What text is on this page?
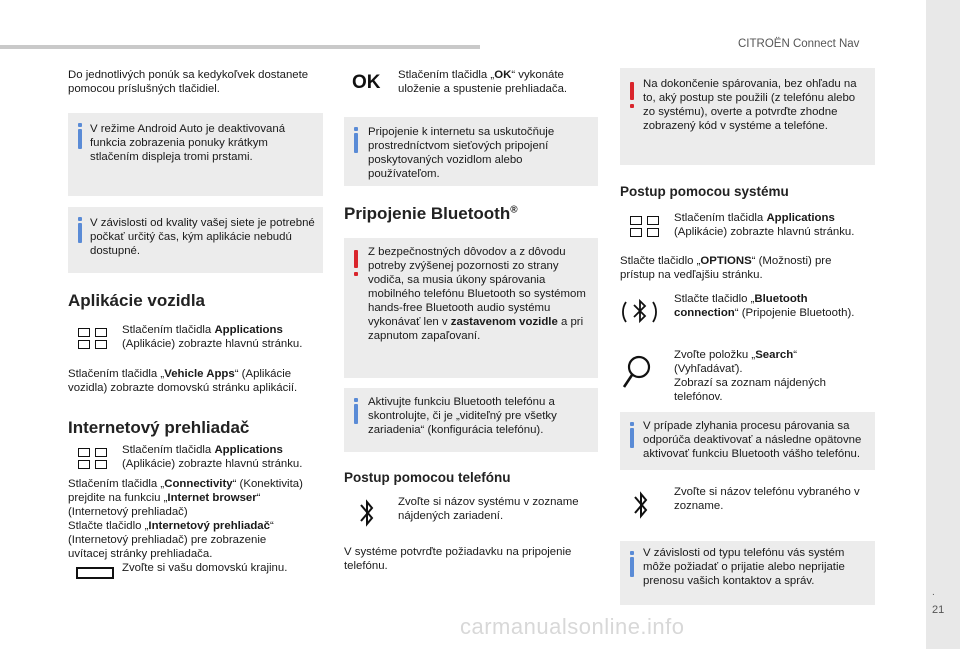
CITROËN Connect Nav
.
21
carmanualsonline.info
Do jednotlivých ponúk sa kedykoľvek dostanete pomocou príslušných tlačidiel.
V režime Android Auto je deaktivovaná funkcia zobrazenia ponuky krátkym stlačením displeja tromi prstami.
V závislosti od kvality vašej siete je potrebné počkať určitý čas, kým aplikácie nebudú dostupné.
Aplikácie vozidla
Stlačením tlačidla Applications
(Aplikácie) zobrazte hlavnú stránku.
Stlačením tlačidla „Vehicle Apps“ (Aplikácie
vozidla) zobrazte domovskú stránku aplikácií.
Internetový prehliadač
Stlačením tlačidla Applications
(Aplikácie) zobrazte hlavnú stránku.
Stlačením tlačidla „Connectivity“ (Konektivita)
prejdite na funkciu „Internet browser“
(Internetový prehliadač)
Stlačte tlačidlo „Internetový prehliadač“
(Internetový prehliadač) pre zobrazenie
uvítacej stránky prehliadača.
Zvoľte si vašu domovskú krajinu.
OK Stlačením tlačidla „OK“ vykonáte
uloženie a spustenie prehliadača.
Pripojenie k internetu sa uskutočňuje prostredníctvom sieťových pripojení poskytovaných vozidlom alebo používateľom.
Pripojenie Bluetooth®
Z bezpečnostných dôvodov a z dôvodu potreby zvýšenej pozornosti zo strany vodiča, sa musia úkony spárovania mobilného telefónu Bluetooth so systémom hands-free Bluetooth audio systému vykonávať len v zastavenom vozidle a pri zapnutom zapaľovaní.
Aktivujte funkciu Bluetooth telefónu a skontrolujte, či je „viditeľný pre všetky zariadenia“ (konfigurácia telefónu).
Postup pomocou telefónu
Zvoľte si názov systému v zozname nájdených zariadení.
V systéme potvrďte požiadavku na pripojenie telefónu.
Na dokončenie spárovania, bez ohľadu na to, aký postup ste použili (z telefónu alebo zo systému), overte a potvrďte zhodne zobrazený kód v systéme a telefóne.
Postup pomocou systému
Stlačením tlačidla Applications
(Aplikácie) zobrazte hlavnú stránku.
Stlačte tlačidlo „OPTIONS“ (Možnosti) pre
prístup na vedľajšiu stránku.
Stlačte tlačidlo „Bluetooth connection“ (Pripojenie Bluetooth).
Zvoľte položku „Search“
(Vyhľadávať).
Zobrazí sa zoznam nájdených telefónov.
V prípade zlyhania procesu párovania sa odporúča deaktivovať a následne opätovne aktivovať funkciu Bluetooth vášho telefónu.
Zvoľte si názov telefónu vybraného v zozname.
V závislosti od typu telefónu vás systém môže požiadať o prijatie alebo neprijatie prenosu vašich kontaktov a správ.
